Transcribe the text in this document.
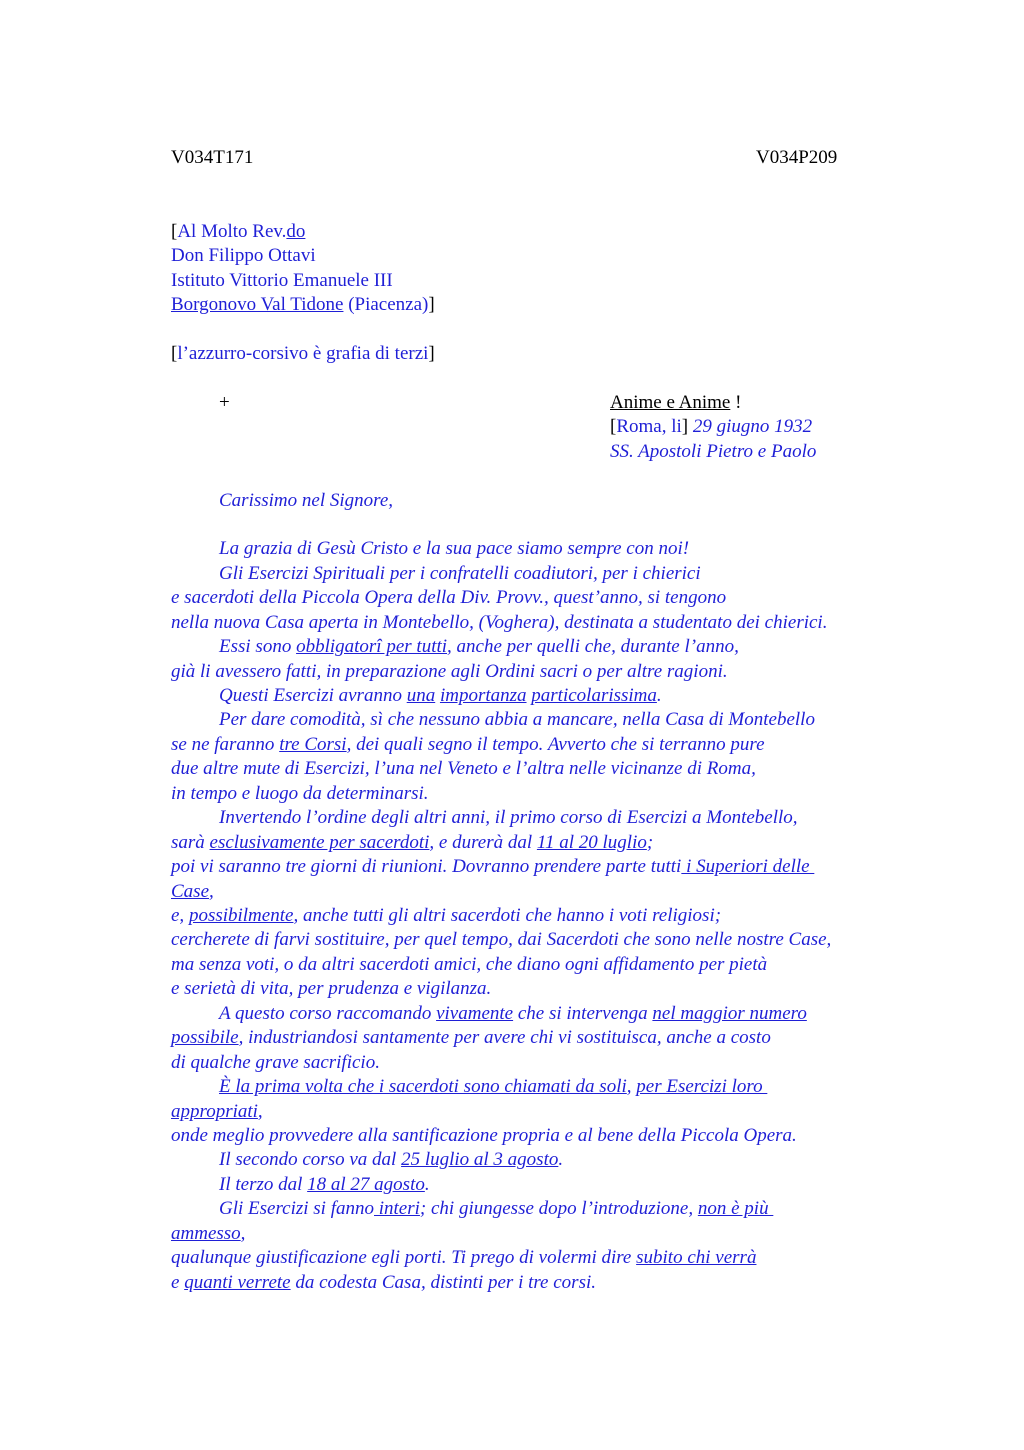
V034T171	V034P209
[Al Molto Rev.do
Don Filippo Ottavi
Istituto Vittorio Emanuele III
Borgonovo Val Tidone (Piacenza)]
[l’azzurro-corsivo è grafia di terzi]
+	Anime e Anime !
[Roma, li] 29 giugno 1932
SS. Apostoli Pietro e Paolo
Carissimo nel Signore,
La grazia di Gesù Cristo e la sua pace siamo sempre con noi!
Gli Esercizi Spirituali per i confratelli coadiutori, per i chierici
e sacerdoti della Piccola Opera della Div. Provv., quest’anno, si tengono
nella nuova Casa aperta in Montebello, (Voghera), destinata a studentato dei chierici.
Essi sono obbligatorî per tutti, anche per quelli che, durante l’anno,
già li avessero fatti, in preparazione agli Ordini sacri o per altre ragioni.
Questi Esercizi avranno una importanza particolarissima.
Per dare comodità, sì che nessuno abbia a mancare, nella Casa di Montebello
se ne faranno tre Corsi, dei quali segno il tempo. Avverto che si terranno pure
due altre mute di Esercizi, l’una nel Veneto e l’altra nelle vicinanze di Roma,
in tempo e luogo da determinarsi.
Invertendo l’ordine degli altri anni, il primo corso di Esercizi a Montebello,
sarà esclusivamente per sacerdoti, e durerà dal 11 al 20 luglio;
poi vi saranno tre giorni di riunioni. Dovranno prendere parte tutti i Superiori delle
Case,
e, possibilmente, anche tutti gli altri sacerdoti che hanno i voti religiosi;
cercherete di farvi sostituire, per quel tempo, dai Sacerdoti che sono nelle nostre Case,
ma senza voti, o da altri sacerdoti amici, che diano ogni affidamento per pietà
e serietà di vita, per prudenza e vigilanza.
A questo corso raccomando vivamente che si intervenga nel maggior numero
possibile, industriandosi santamente per avere chi vi sostituisca, anche a costo
di qualche grave sacrificio.
È la prima volta che i sacerdoti sono chiamati da soli, per Esercizi loro
appropriati,
onde meglio provvedere alla santificazione propria e al bene della Piccola Opera.
Il secondo corso va dal 25 luglio al 3 agosto.
Il terzo dal 18 al 27 agosto.
Gli Esercizi si fanno interi; chi giungesse dopo l’introduzione, non è più
ammesso,
qualunque giustificazione egli porti. Ti prego di volermi dire subito chi verrà
e quanti verrete da codesta Casa, distinti per i tre corsi.
